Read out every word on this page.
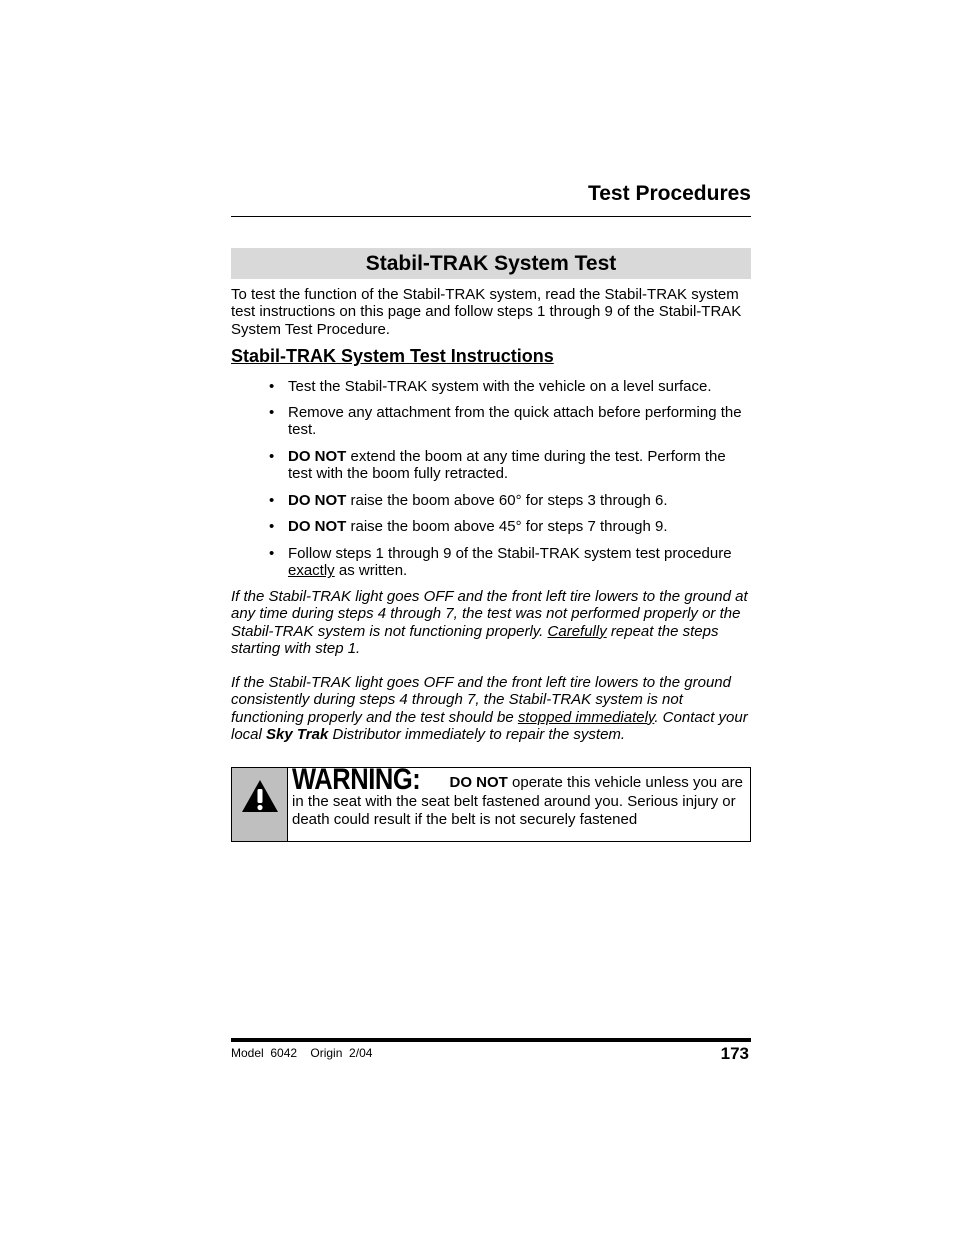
Test Procedures
Stabil-TRAK System Test
To test the function of the Stabil-TRAK system, read the Stabil-TRAK system test instructions on this page and follow steps 1 through 9 of the Stabil-TRAK System Test Procedure.
Stabil-TRAK System Test Instructions

• Test the Stabil-TRAK system with the vehicle on a level surface.

• Remove any attachment from the quick attach before performing the test.

• DO NOT extend the boom at any time during the test. Perform the test with the boom fully retracted.

• DO NOT raise the boom above 60° for steps 3 through 6.

• DO NOT raise the boom above 45° for steps 7 through 9.

• Follow steps 1 through 9 of the Stabil-TRAK system test procedure exactly as written.

If the Stabil-TRAK light goes OFF and the front left tire lowers to the ground at any time during steps 4 through 7, the test was not performed properly or the Stabil-TRAK system is not functioning properly. Carefully repeat the steps starting with step 1.
If the Stabil-TRAK light goes OFF and the front left tire lowers to the ground consistently during steps 4 through 7, the Stabil-TRAK system is not functioning properly and the test should be stopped immediately. Contact your local Sky Trak Distributor immediately to repair the system.
WARNING: DO NOT operate this vehicle unless you are in the seat with the seat belt fastened around you. Serious injury or death could result if the belt is not securely fastened
Model  6042    Origin  2/04	173
